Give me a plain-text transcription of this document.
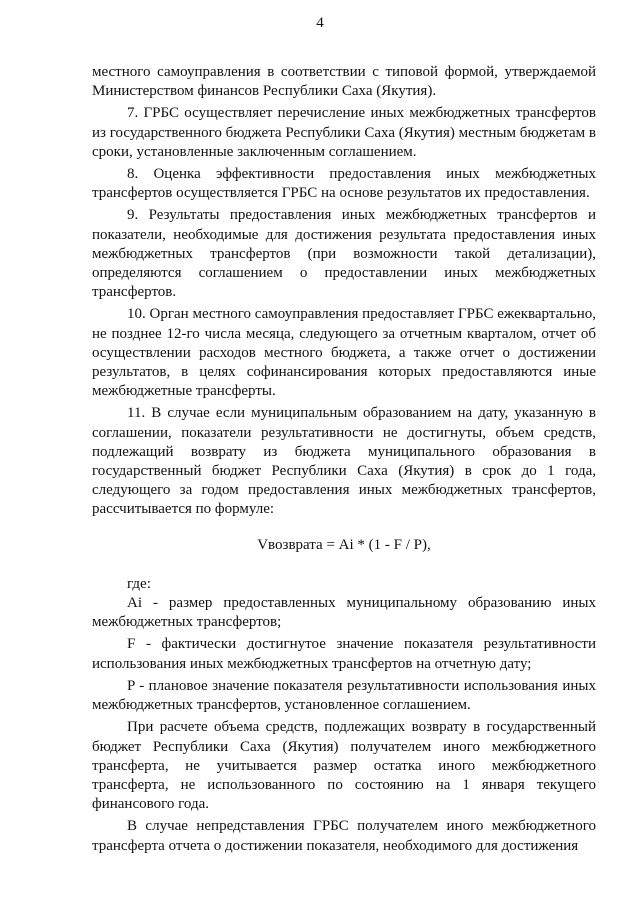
4

местного самоуправления в соответствии с типовой формой, утверждаемой Министерством финансов Республики Саха (Якутия).

7. ГРБС осуществляет перечисление иных межбюджетных трансфертов из государственного бюджета Республики Саха (Якутия) местным бюджетам в сроки, установленные заключенным соглашением.

8. Оценка эффективности предоставления иных межбюджетных трансфертов осуществляется ГРБС на основе результатов их предоставления.

9. Результаты предоставления иных межбюджетных трансфертов и показатели, необходимые для достижения результата предоставления иных межбюджетных трансфертов (при возможности такой детализации), определяются соглашением о предоставлении иных межбюджетных трансфертов.

10. Орган местного самоуправления предоставляет ГРБС ежеквартально, не позднее 12-го числа месяца, следующего за отчетным кварталом, отчет об осуществлении расходов местного бюджета, а также отчет о достижении результатов, в целях софинансирования которых предоставляются иные межбюджетные трансферты.

11. В случае если муниципальным образованием на дату, указанную в соглашении, показатели результативности не достигнуты, объем средств, подлежащий возврату из бюджета муниципального образования в государственный бюджет Республики Саха (Якутия) в срок до 1 года, следующего за годом предоставления иных межбюджетных трансфертов, рассчитывается по формуле:

Vвозврата = Ai * (1 - F / P),

где:

Ai - размер предоставленных муниципальному образованию иных межбюджетных трансфертов;

F - фактически достигнутое значение показателя результативности использования иных межбюджетных трансфертов на отчетную дату;

P - плановое значение показателя результативности использования иных межбюджетных трансфертов, установленное соглашением.

При расчете объема средств, подлежащих возврату в государственный бюджет Республики Саха (Якутия) получателем иного межбюджетного трансферта, не учитывается размер остатка иного межбюджетного трансферта, не использованного по состоянию на 1 января текущего финансового года.

В случае непредставления ГРБС получателем иного межбюджетного трансферта отчета о достижении показателя, необходимого для достижения
